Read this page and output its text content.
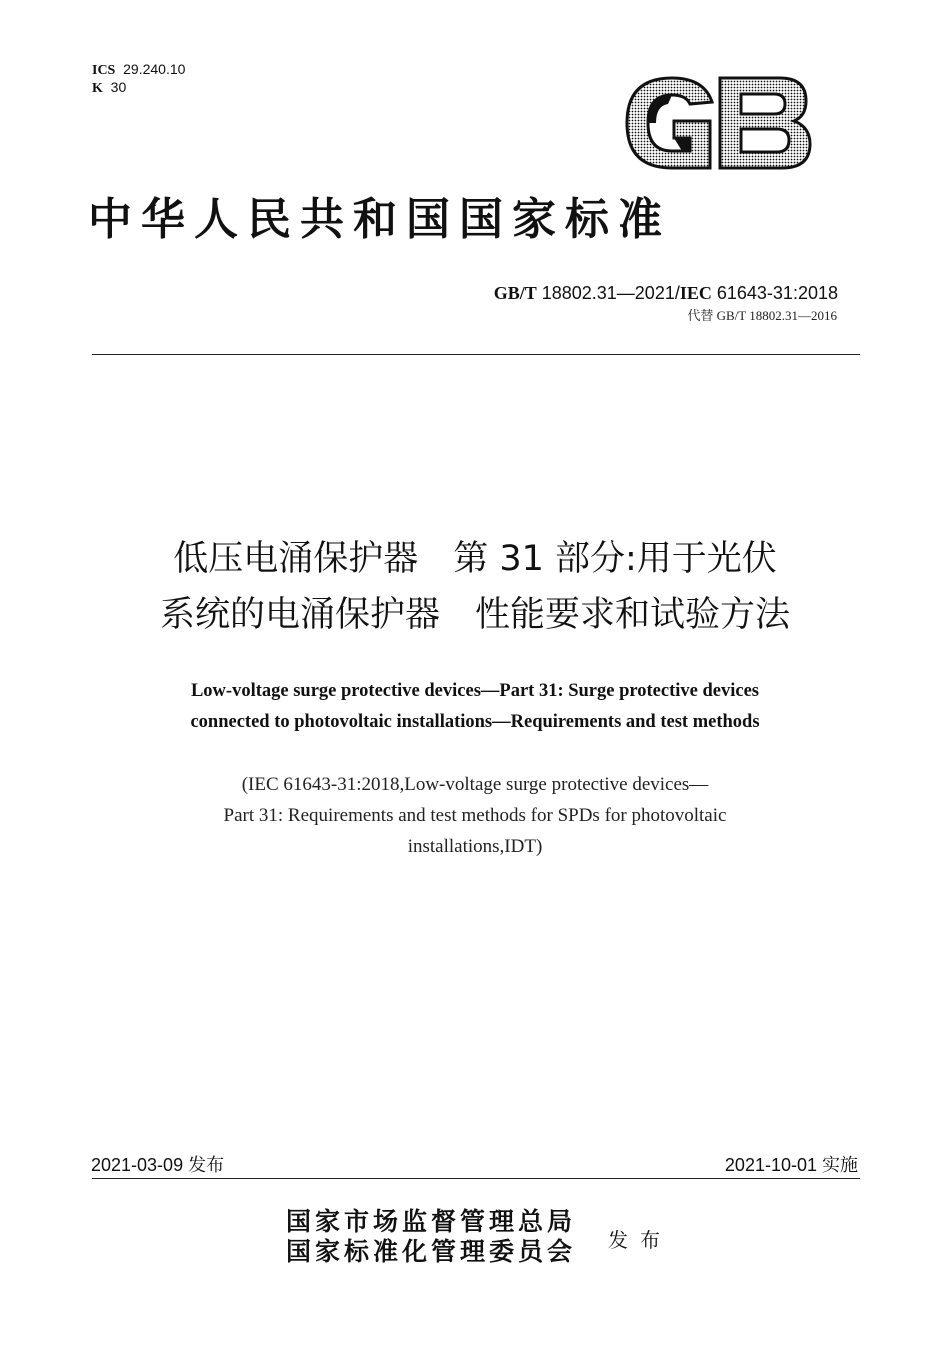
ICS 29.240.10
K 30
中华人民共和国国家标准
GB/T 18802.31—2021/IEC 61643-31:2018
代替 GB/T 18802.31—2016
低压电涌保护器　第 31 部分:用于光伏
系统的电涌保护器　性能要求和试验方法
Low-voltage surge protective devices—Part 31: Surge protective devices
connected to photovoltaic installations—Requirements and test methods
(IEC 61643-31:2018,Low-voltage surge protective devices—
Part 31: Requirements and test methods for SPDs for photovoltaic
installations,IDT)
2021-03-09 发布	2021-10-01 实施
国家市场监督管理总局
国家标准化管理委员会 发布
